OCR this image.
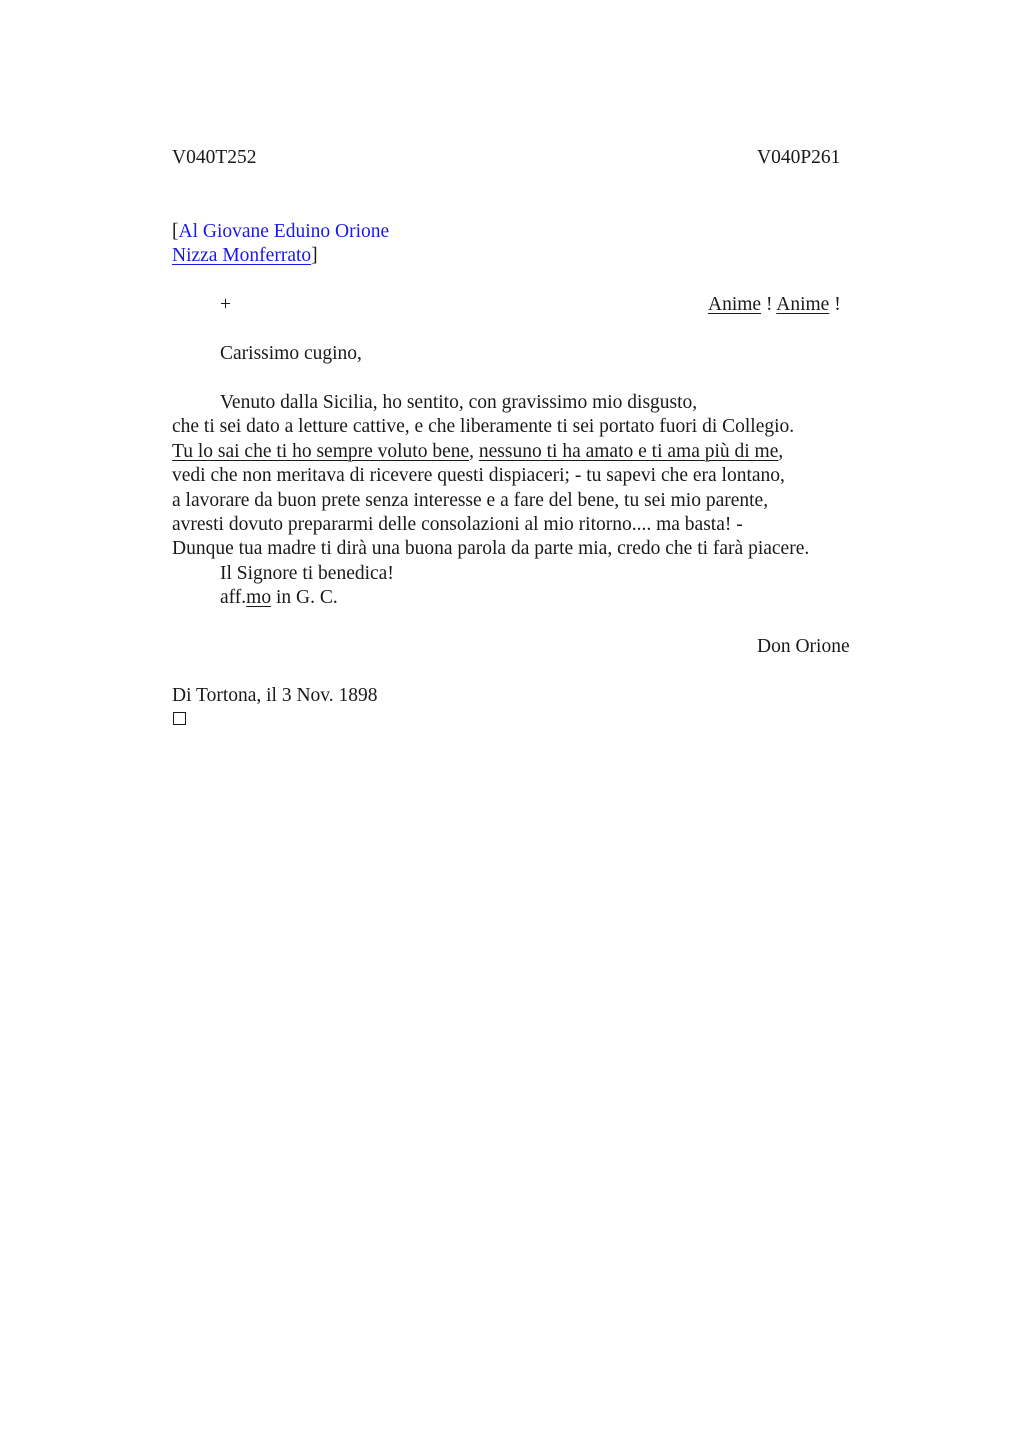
V040T252	V040P261
[Al Giovane Eduino Orione
Nizza Monferrato]
+	Anime ! Anime !
Carissimo cugino,
Venuto dalla Sicilia, ho sentito, con gravissimo mio disgusto,
che ti sei dato a letture cattive, e che liberamente ti sei portato fuori di Collegio.
Tu lo sai che ti ho sempre voluto bene, nessuno ti ha amato e ti ama più di me,
vedi che non meritava di ricevere questi dispiaceri; - tu sapevi che era lontano,
a lavorare da buon prete senza interesse e a fare del bene, tu sei mio parente,
avresti dovuto prepararmi delle consolazioni al mio ritorno.... ma basta! -
Dunque tua madre ti dirà una buona parola da parte mia, credo che ti farà piacere.
Il Signore ti benedica!
aff.mo in G. C.
Don Orione
Di Tortona, il 3 Nov. 1898
